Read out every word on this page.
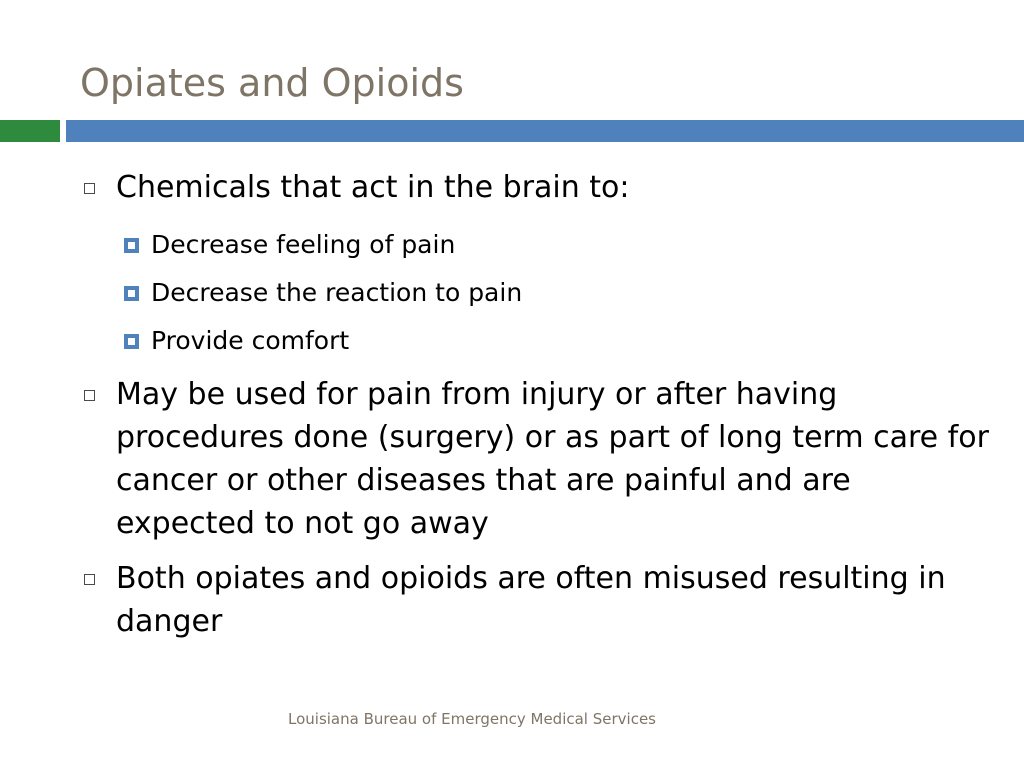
Opiates and Opioids
Chemicals that act in the brain to:
Decrease feeling of pain
Decrease the reaction to pain
Provide comfort
May be used for pain from injury or after having procedures done (surgery) or as part of long term care for cancer or other diseases that are painful and are expected to not go away
Both opiates and opioids are often misused resulting in danger
Louisiana Bureau of Emergency Medical Services
